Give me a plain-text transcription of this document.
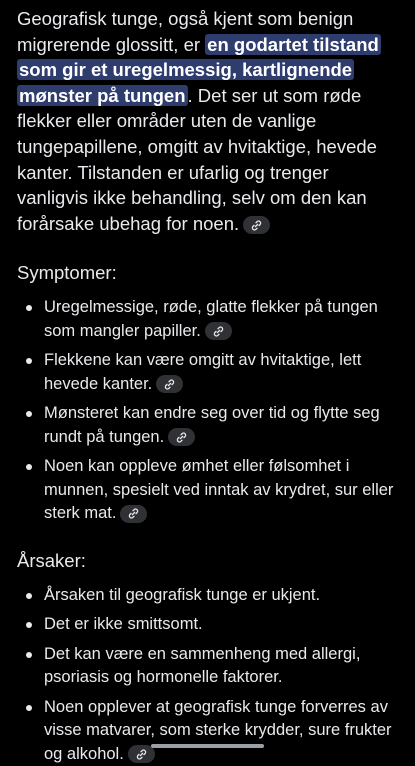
Geografisk tunge, også kjent som benign migrerende glossitt, er en godartet tilstand som gir et uregelmessig, kartlignende mønster på tungen . Det ser ut som røde flekker eller områder uten de vanlige tungepapillene, omgitt av hvitaktige, hevede kanter. Tilstanden er ufarlig og trenger vanligvis ikke behandling, selv om den kan forårsake ubehag for noen.

Symptomer:
Uregelmessige, røde, glatte flekker på tungen som mangler papiller.
Flekkene kan være omgitt av hvitaktige, lett hevede kanter.
Mønsteret kan endre seg over tid og flytte seg rundt på tungen.
Noen kan oppleve ømhet eller følsomhet i munnen, spesielt ved inntak av krydret, sur eller sterk mat.
Årsaker:
Årsaken til geografisk tunge er ukjent.
Det er ikke smittsomt.
Det kan være en sammenheng med allergi, psoriasis og hormonelle faktorer.
Noen opplever at geografisk tunge forverres av visse matvarer, som sterke krydder, sure frukter og alkohol.
